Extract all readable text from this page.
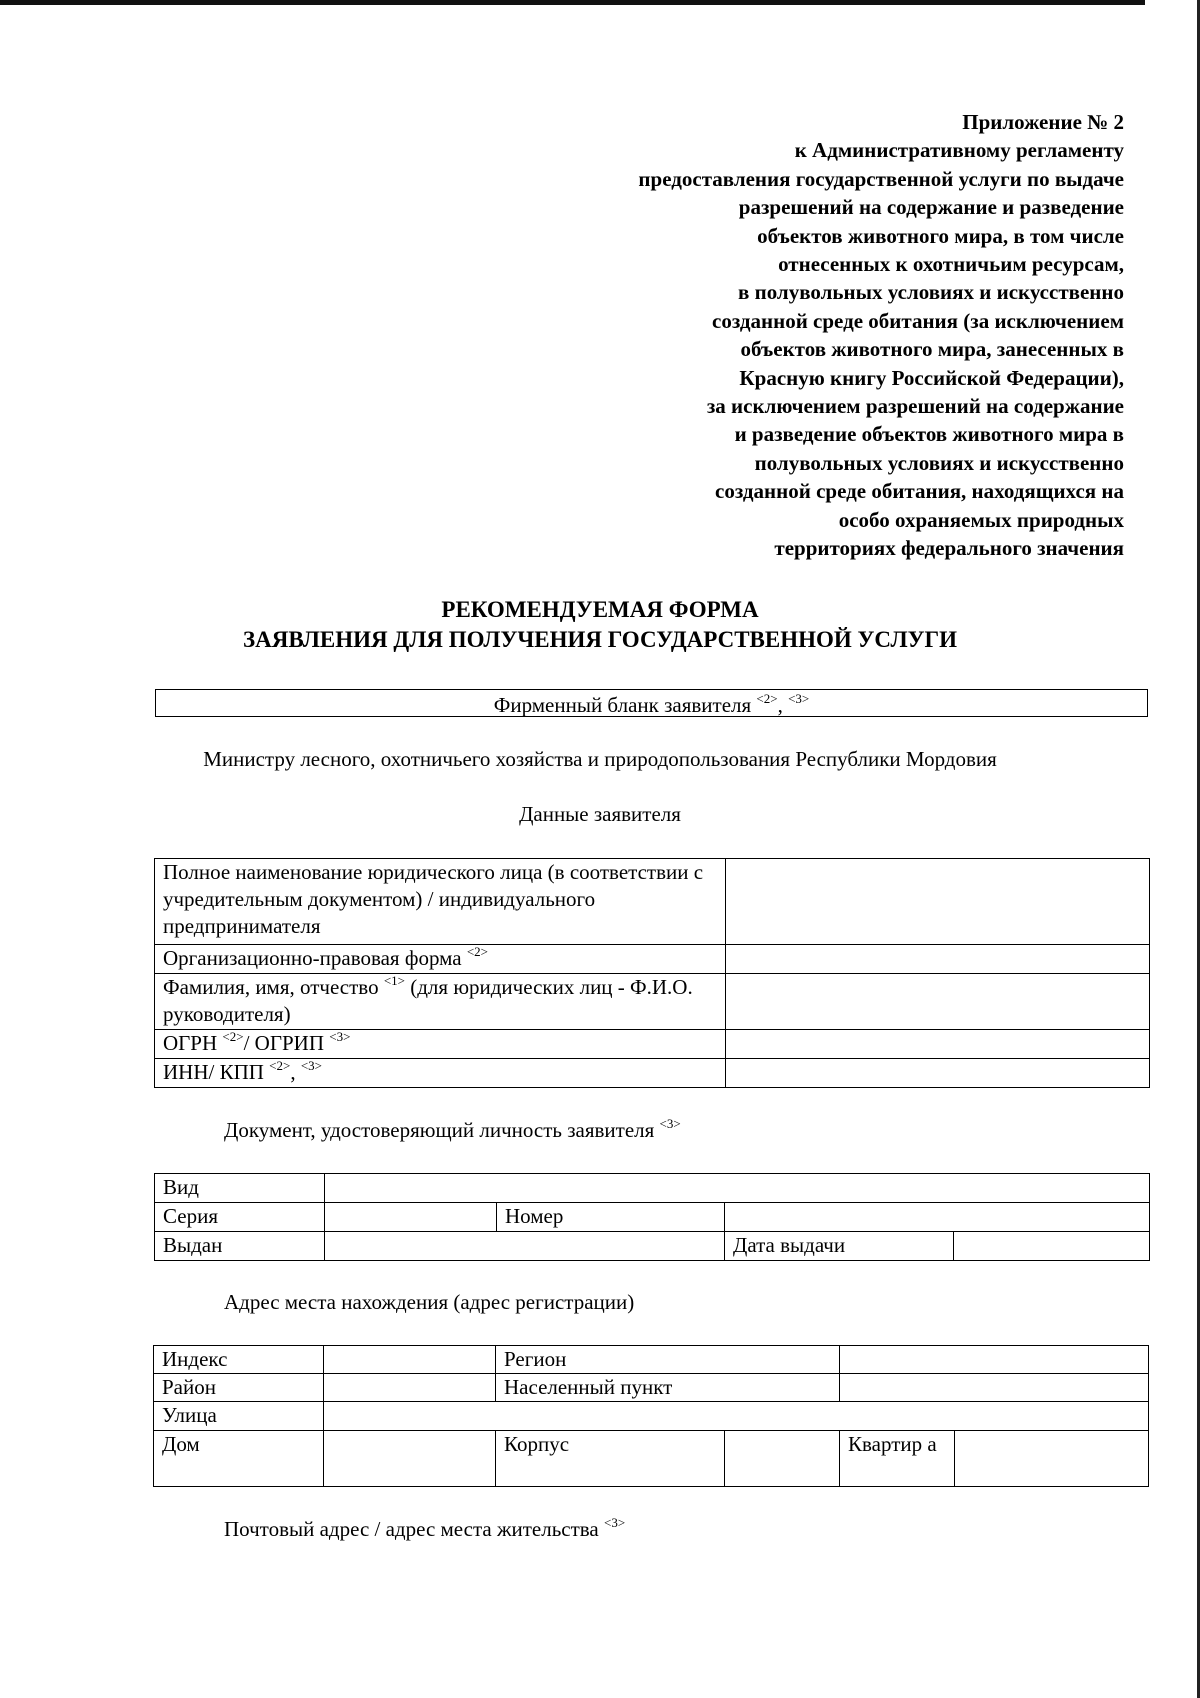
Приложение № 2
к Административному регламенту
предоставления государственной услуги по выдаче
разрешений на содержание и разведение
объектов животного мира, в том числе
отнесенных к охотничьим ресурсам,
в полувольных условиях и искусственно
созданной среде обитания (за исключением
объектов животного мира, занесенных в
Красную книгу Российской Федерации),
за исключением разрешений на содержание
и разведение объектов животного мира в
полувольных условиях и искусственно
созданной среде обитания, находящихся на
особо охраняемых природных
территориях федерального значения
РЕКОМЕНДУЕМАЯ ФОРМА
ЗАЯВЛЕНИЯ ДЛЯ ПОЛУЧЕНИЯ ГОСУДАРСТВЕННОЙ УСЛУГИ
Фирменный бланк заявителя $^{<2>}$, $^{<3>}$
Министру лесного, охотничьего хозяйства и природопользования Республики Мордовия
Данные заявителя
Полное наименование юридического лица (в соответствии с учредительным документом) / индивидуального предпринимателя	
Организационно-правовая форма $^{<2>}$	
Фамилия, имя, отчество $^{<1>}$ (для юридических лиц - Ф.И.О. руководителя)	
ОГРН $^{<2>}$/ ОГРИП $^{<3>}$	
ИНН/ КПП $^{<2>}$, $^{<3>}$	
Документ, удостоверяющий личность заявителя $^{<3>}$
Вид				
Серия		Номер		
Выдан			Дата выдачи	
Адрес места нахождения (адрес регистрации)
Индекс		Регион			
Район		Населенный пункт			
Улица					
Дом		Корпус		Квартир а	
Почтовый адрес / адрес места жительства $^{<3>}$
